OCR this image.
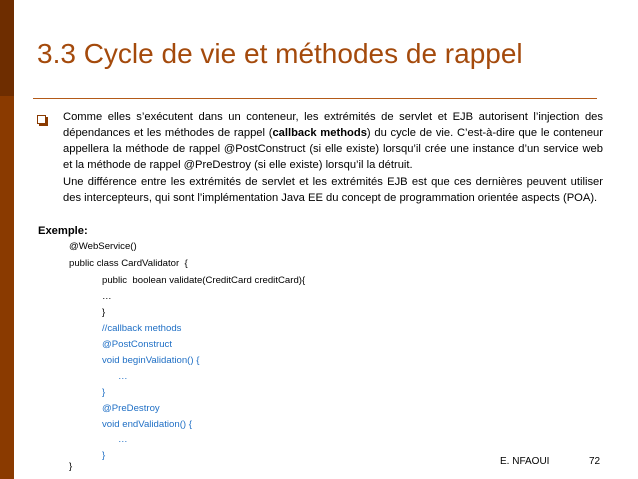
3.3 Cycle de vie et méthodes de rappel

Comme elles s’exécutent dans un conteneur, les extrémités de servlet et EJB autorisent l’injection des dépendances et les méthodes de rappel (callback methods) du cycle de vie. C’est-à-dire que le conteneur appellera la méthode de rappel @PostConstruct (si elle existe) lorsqu’il crée une instance d’un service web et la méthode de rappel @PreDestroy (si elle existe) lorsqu’il la détruit.

Une différence entre les extrémités de servlet et les extrémités EJB est que ces dernières peuvent utiliser des intercepteurs, qui sont l’implémentation Java EE du concept de programmation orientée aspects (POA).

Exemple:
@WebService()
public class CardValidator  {
public  boolean validate(CreditCard creditCard){
…
}
//callback methods
@PostConstruct
void beginValidation() {
…
}
@PreDestroy
void endValidation() {
…
}
}	E. NFAOUI	72
